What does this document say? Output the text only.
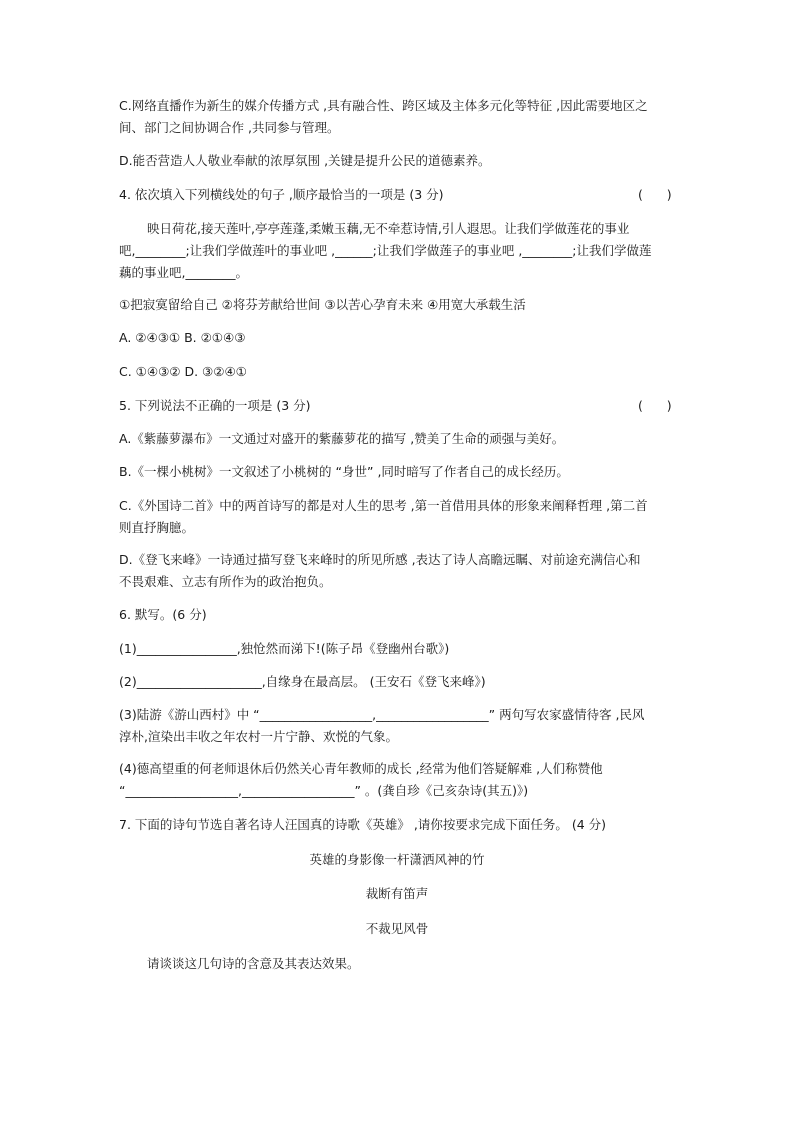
C.网络直播作为新生的媒介传播方式 ,具有融合性、跨区域及主体多元化等特征 ,因此需要地区之
间、部门之间协调合作 ,共同参与管理。
D.能否营造人人敬业奉献的浓厚氛围 ,关键是提升公民的道德素养。
4. 依次填入下列横线处的句子 ,顺序最恰当的一项是 (3 分)	(      )
映日荷花,接天莲叶,亭亭莲蓬,柔嫩玉藕,无不牵惹诗情,引人遐思。让我们学做莲花的事业
吧,________;让我们学做莲叶的事业吧 ,______;让我们学做莲子的事业吧 ,________;让我们学做莲
藕的事业吧,________。
①把寂寞留给自己 ②将芬芳献给世间 ③以苦心孕育未来 ④用宽大承载生活
A. ②④③① B. ②①④③
C. ①④③② D. ③②④①
5. 下列说法不正确的一项是 (3 分)	(      )
A.《紫藤萝瀑布》一文通过对盛开的紫藤萝花的描写 ,赞美了生命的顽强与美好。
B.《一棵小桃树》一文叙述了小桃树的 “身世” ,同时暗写了作者自己的成长经历。
C.《外国诗二首》中的两首诗写的都是对人生的思考 ,第一首借用具体的形象来阐释哲理 ,第二首
则直抒胸臆。
D.《登飞来峰》一诗通过描写登飞来峰时的所见所感 ,表达了诗人高瞻远瞩、对前途充满信心和
不畏艰难、立志有所作为的政治抱负。
6. 默写。(6 分)
(1)________________,独怆然而涕下!(陈子昂《登幽州台歌》)
(2)____________________,自缘身在最高层。 (王安石《登飞来峰》)
(3)陆游《游山西村》中 “__________________,__________________” 两句写农家盛情待客 ,民风
淳朴,渲染出丰收之年农村一片宁静、欢悦的气象。
(4)德高望重的何老师退休后仍然关心青年教师的成长 ,经常为他们答疑解难 ,人们称赞他
“__________________,__________________” 。(龚自珍《己亥杂诗(其五)》)
7. 下面的诗句节选自著名诗人汪国真的诗歌《英雄》 ,请你按要求完成下面任务。 (4 分)
英雄的身影像一杆潇洒风神的竹
裁断有笛声
不裁见风骨
请谈谈这几句诗的含意及其表达效果。
